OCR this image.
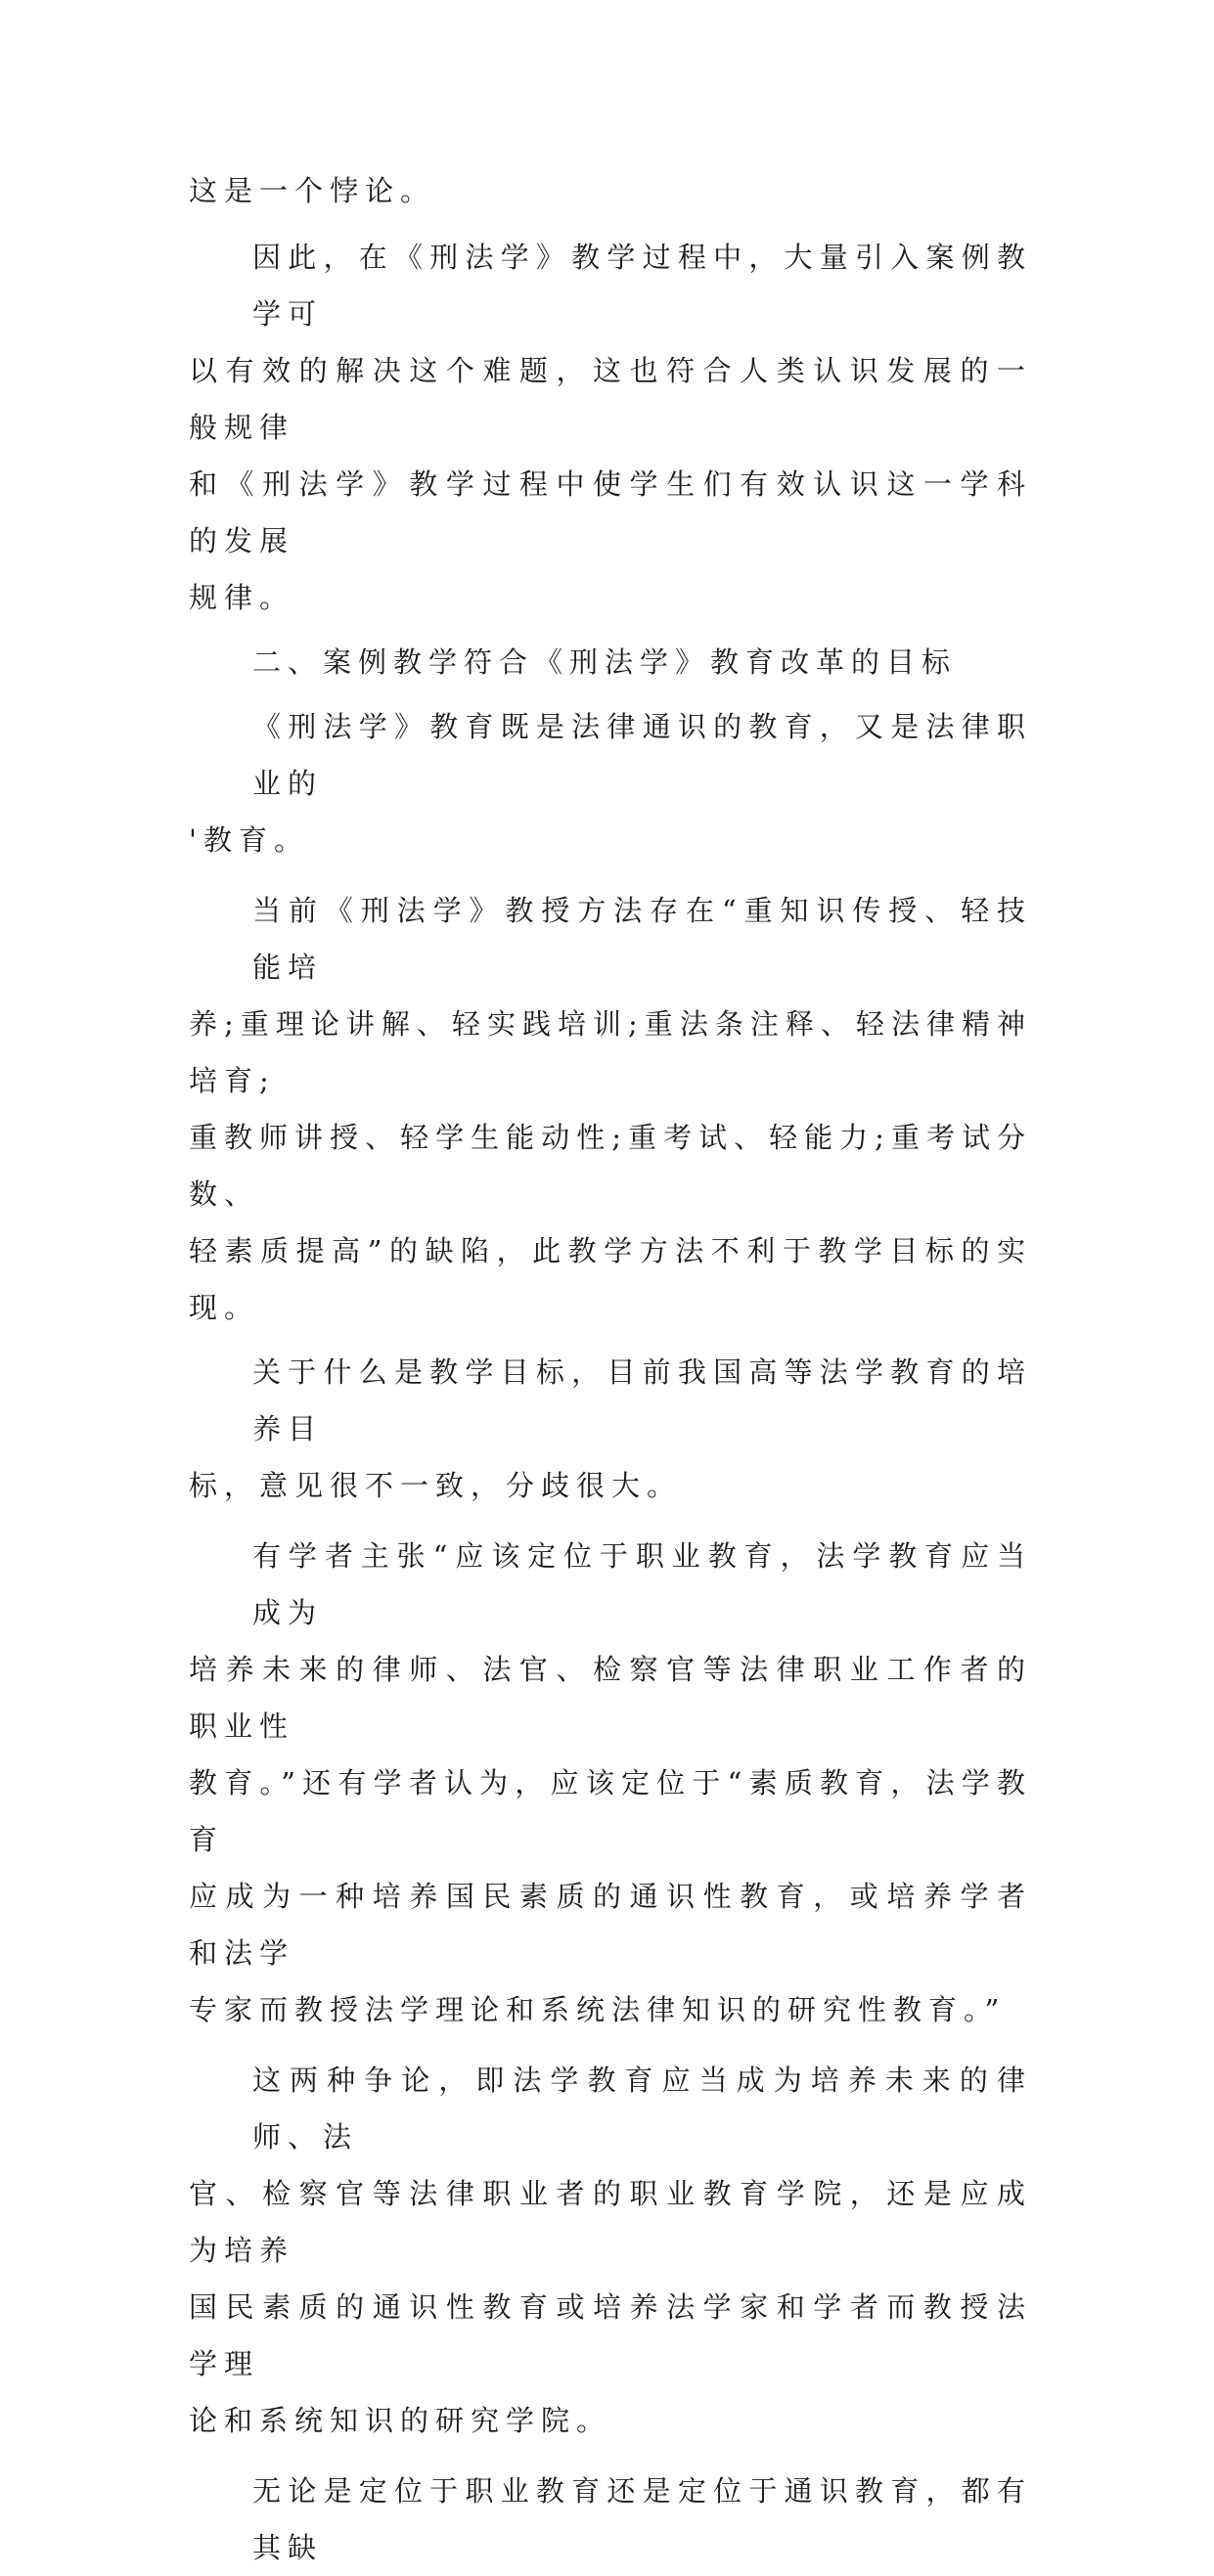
这是一个悖论。
因此，在《刑法学》教学过程中，大量引入案例教学可
以有效的解决这个难题，这也符合人类认识发展的一般规律
和《刑法学》教学过程中使学生们有效认识这一学科的发展
规律。
二、案例教学符合《刑法学》教育改革的目标
《刑法学》教育既是法律通识的教育，又是法律职业的
'教育。
当前《刑法学》教授方法存在“重知识传授、轻技能培
养;重理论讲解、轻实践培训;重法条注释、轻法律精神培育;
重教师讲授、轻学生能动性;重考试、轻能力;重考试分数、
轻素质提高”的缺陷，此教学方法不利于教学目标的实现。
关于什么是教学目标，目前我国高等法学教育的培养目
标，意见很不一致，分歧很大。
有学者主张“应该定位于职业教育，法学教育应当成为
培养未来的律师、法官、检察官等法律职业工作者的职业性
教育。”还有学者认为，应该定位于“素质教育，法学教育
应成为一种培养国民素质的通识性教育，或培养学者和法学
专家而教授法学理论和系统法律知识的研究性教育。”
这两种争论，即法学教育应当成为培养未来的律师、法
官、检察官等法律职业者的职业教育学院，还是应成为培养
国民素质的通识性教育或培养法学家和学者而教授法学理
论和系统知识的研究学院。
无论是定位于职业教育还是定位于通识教育，都有其缺
